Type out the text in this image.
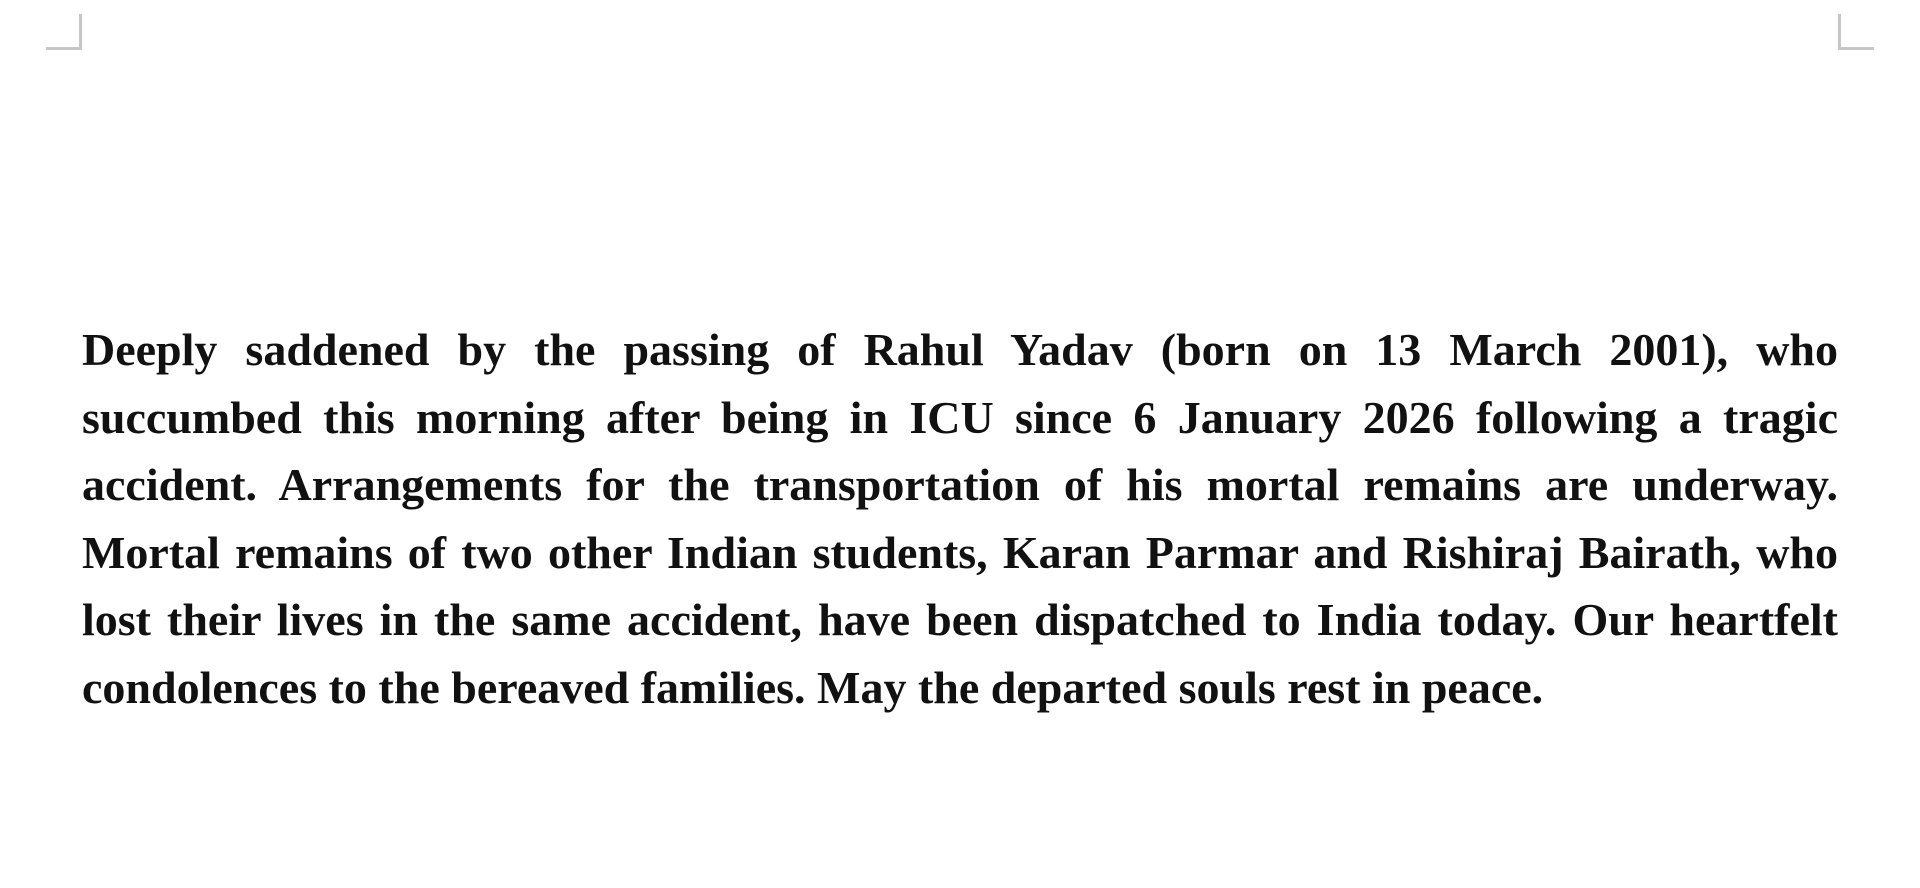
Deeply saddened by the passing of Rahul Yadav (born on 13 March 2001), who succumbed this morning after being in ICU since 6 January 2026 following a tragic accident. Arrangements for the transportation of his mortal remains are underway. Mortal remains of two other Indian students, Karan Parmar and Rishiraj Bairath, who lost their lives in the same accident, have been dispatched to India today. Our heartfelt condolences to the bereaved families. May the departed souls rest in peace.
